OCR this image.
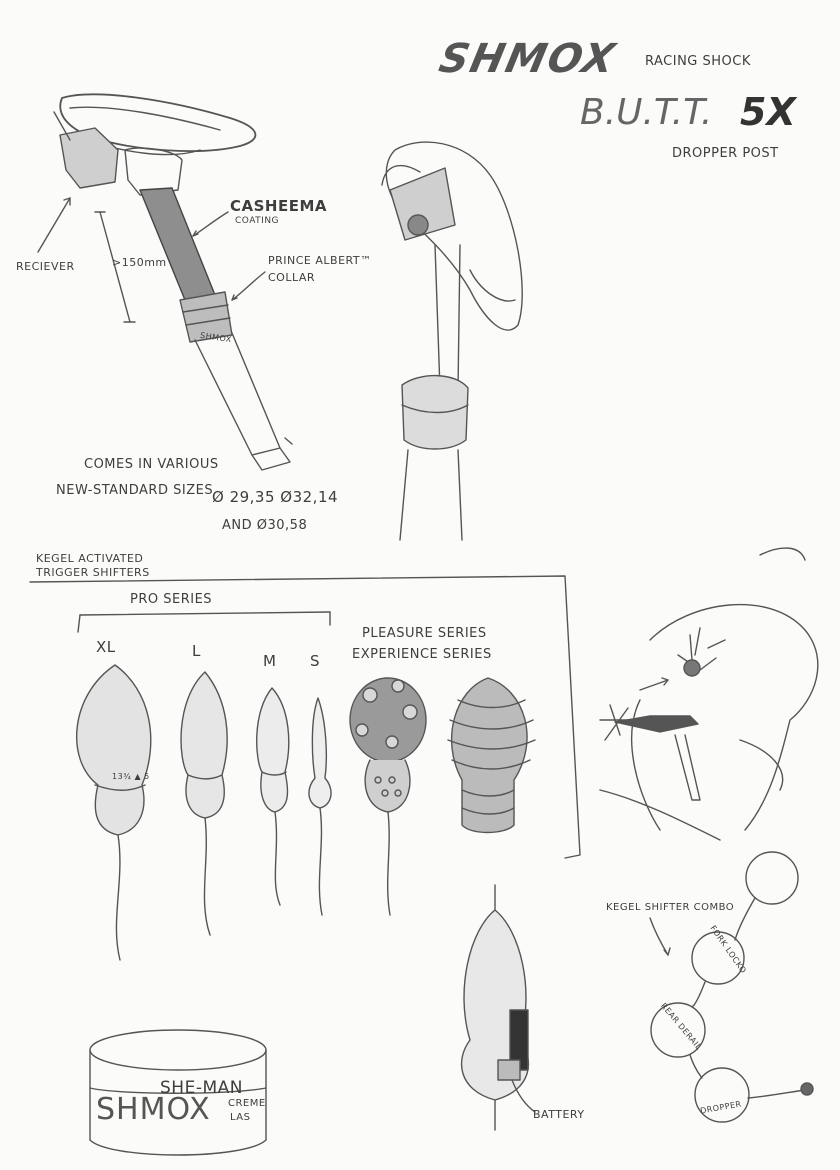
SHMOX RACING SHOCK
B.U.T.T. 5X
DROPPER POST
RECIEVER	>150mm
CASHEEMA
COATING
PRINCE ALBERT™
COLLAR
SHMOX
COMES IN VARIOUS
NEW-STANDARD SIZES
Ø 29,35 Ø32,14
AND Ø30,58
KEGEL ACTIVATED
TRIGGER SHIFTERS
PRO SERIES
XL	L
M S
PLEASURE SERIES
EXPERIENCE SERIES
13¾ ▲ 5
KEGEL SHIFTER COMBO
FORK LOCKO
REAR DERAIL
DROPPER
BATTERY
SHE-MAN
SHMOX CREME
LAS
